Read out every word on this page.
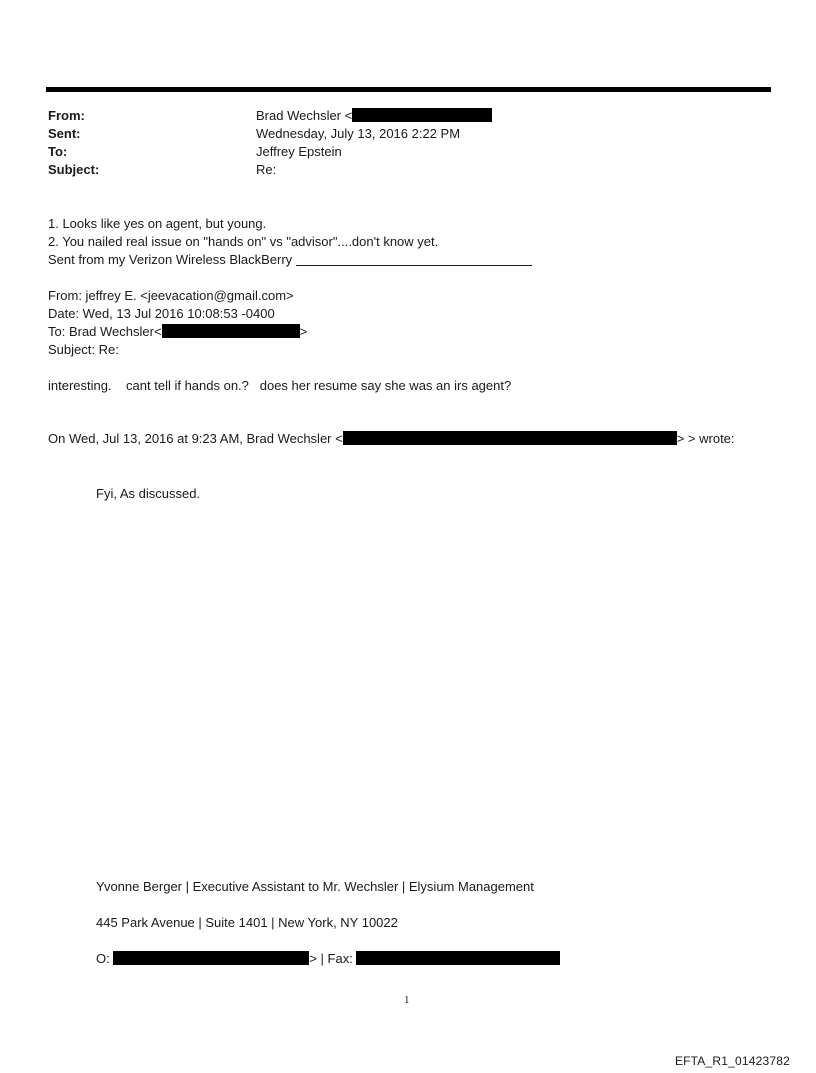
From:	Brad Wechsler <
Sent:	Wednesday, July 13, 2016 2:22 PM
To:	Jeffrey Epstein
Subject:	Re:
1. Looks like yes on agent, but young.
2. You nailed real issue on "hands on" vs "advisor"....don't know yet.
Sent from my Verizon Wireless BlackBerry
From: jeffrey E. <jeevacation@gmail.com>
Date: Wed, 13 Jul 2016 10:08:53 -0400
To: Brad Wechsler<	>
Subject: Re:
interesting.    cant tell if hands on.?   does her resume say she was an irs agent?
On Wed, Jul 13, 2016 at 9:23 AM, Brad Wechsler <	> > wrote:
Fyi, As discussed.
Yvonne Berger | Executive Assistant to Mr. Wechsler | Elysium Management
445 Park Avenue | Suite 1401 | New York, NY 10022
O:	> | Fax:
1
EFTA_R1_01423782
